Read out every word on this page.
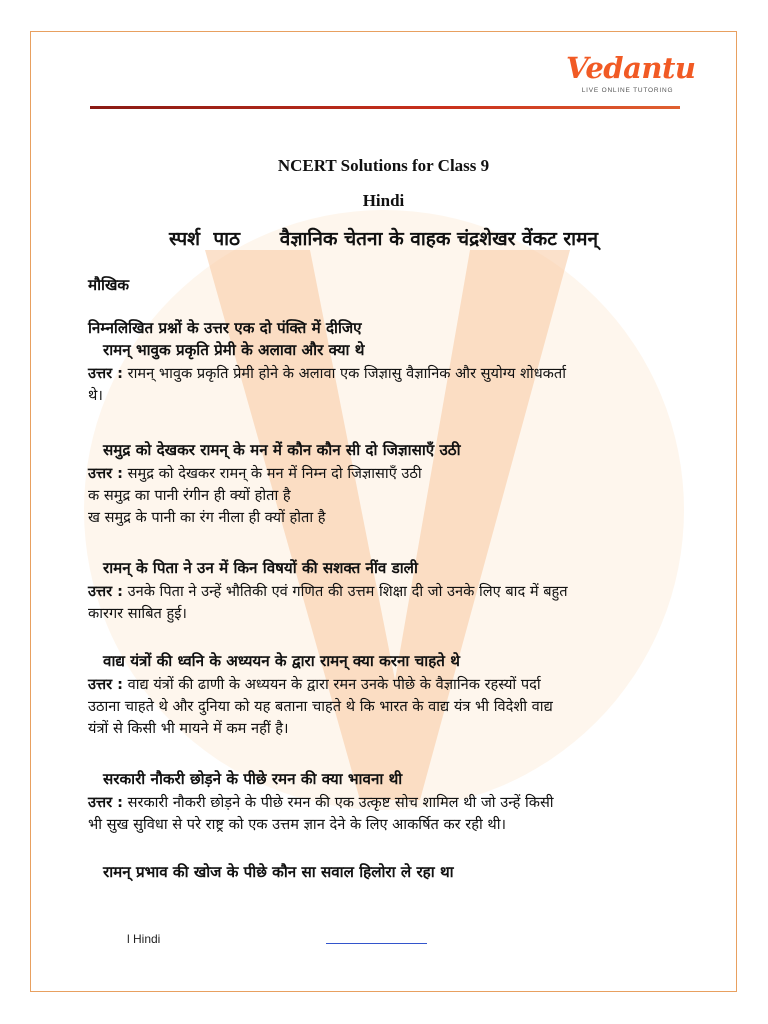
Vedantu
LIVE ONLINE TUTORING
NCERT Solutions for Class 9
Hindi
स्पर्श  पाठ      वैज्ञानिक चेतना के वाहक चंद्रशेखर वेंकट रामन्
मौखिक
निम्नलिखित प्रश्नों के उत्तर एक दो पंक्ति में दीजिए
रामन् भावुक प्रकृति प्रेमी के अलावा और क्या थे
उत्तर : रामन् भावुक प्रकृति प्रेमी होने के अलावा एक जिज्ञासु वैज्ञानिक और सुयोग्य शोधकर्ता
थे।
समुद्र को देखकर रामन् के मन में कौन कौन सी दो जिज्ञासाएँ उठी
उत्तर : समुद्र को देखकर रामन् के मन में निम्न दो जिज्ञासाएँ उठी
क समुद्र का पानी रंगीन ही क्यों होता है
ख समुद्र के पानी का रंग नीला ही क्यों होता है
रामन् के पिता ने उन में किन विषयों की सशक्त नींव डाली
उत्तर : उनके पिता ने उन्हें भौतिकी एवं गणित की उत्तम शिक्षा दी जो उनके लिए बाद में बहुत
कारगर साबित हुई।
वाद्य यंत्रों की ध्वनि के अध्ययन के द्वारा रामन् क्या करना चाहते थे
उत्तर : वाद्य यंत्रों की ढाणी के अध्ययन के द्वारा रमन उनके पीछे के वैज्ञानिक रहस्यों पर्दा
उठाना चाहते थे और दुनिया को यह बताना चाहते थे कि भारत के वाद्य यंत्र भी विदेशी वाद्य
यंत्रों से किसी भी मायने में कम नहीं है।
सरकारी नौकरी छोड़ने के पीछे रमन की क्या भावना थी
उत्तर : सरकारी नौकरी छोड़ने के पीछे रमन की एक उत्कृष्ट सोच शामिल थी जो उन्हें किसी
भी सुख सुविधा से परे राष्ट्र को एक उत्तम ज्ञान देने के लिए आकर्षित कर रही थी।
रामन् प्रभाव की खोज के पीछे कौन सा सवाल हिलोरा ले रहा था
l Hindi
